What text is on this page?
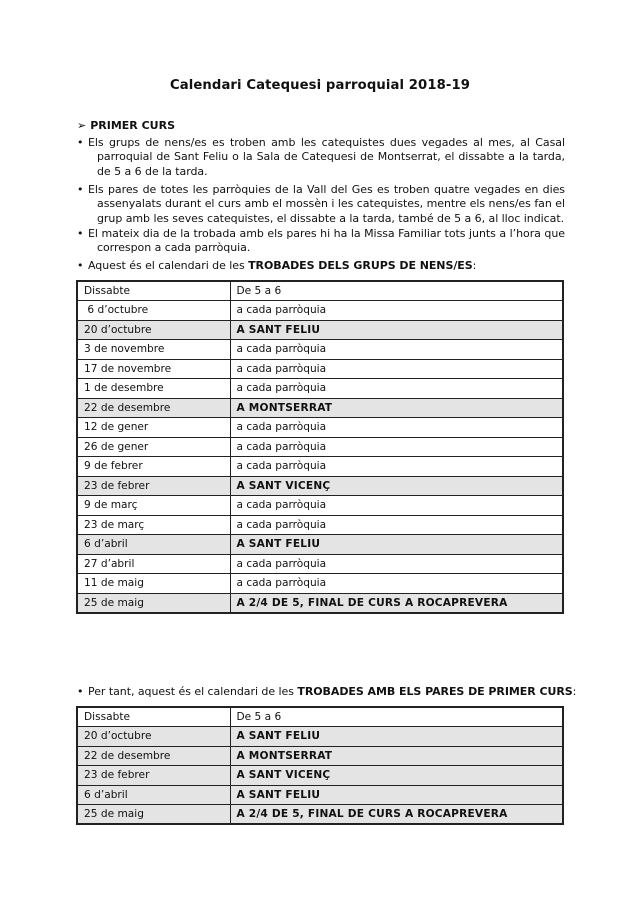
Calendari Catequesi parroquial 2018-19
➢ PRIMER CURS
• Els grups de nens/es es troben amb les catequistes dues vegades al mes, al Casal parroquial de Sant Feliu o la Sala de Catequesi de Montserrat, el dissabte a la tarda, de 5 a 6 de la tarda.
• Els pares de totes les parròquies de la Vall del Ges es troben quatre vegades en dies assenyalats durant el curs amb el mossèn i les catequistes, mentre els nens/es fan el grup amb les seves catequistes, el dissabte a la tarda, també de 5 a 6, al lloc indicat.
• El mateix dia de la trobada amb els pares hi ha la Missa Familiar tots junts a l’hora que correspon a cada parròquia.
• Aquest és el calendari de les TROBADES DELS GRUPS DE NENS/ES:
Dissabte	De 5 a 6
6 d’octubre	a cada parròquia
20 d’octubre	A SANT FELIU
3 de novembre	a cada parròquia
17 de novembre	a cada parròquia
1 de desembre	a cada parròquia
22 de desembre	A MONTSERRAT
12 de gener	a cada parròquia
26 de gener	a cada parròquia
9 de febrer	a cada parròquia
23 de febrer	A SANT VICENÇ
9 de març	a cada parròquia
23 de març	a cada parròquia
6 d’abril	A SANT FELIU
27 d’abril	a cada parròquia
11 de maig	a cada parròquia
25 de maig	A 2/4 DE 5, FINAL DE CURS A ROCAPREVERA
• Per tant, aquest és el calendari de les TROBADES AMB ELS PARES DE PRIMER CURS:
Dissabte	De 5 a 6
20 d’octubre	A SANT FELIU
22 de desembre	A MONTSERRAT
23 de febrer	A SANT VICENÇ
6 d’abril	A SANT FELIU
25 de maig	A 2/4 DE 5, FINAL DE CURS A ROCAPREVERA
